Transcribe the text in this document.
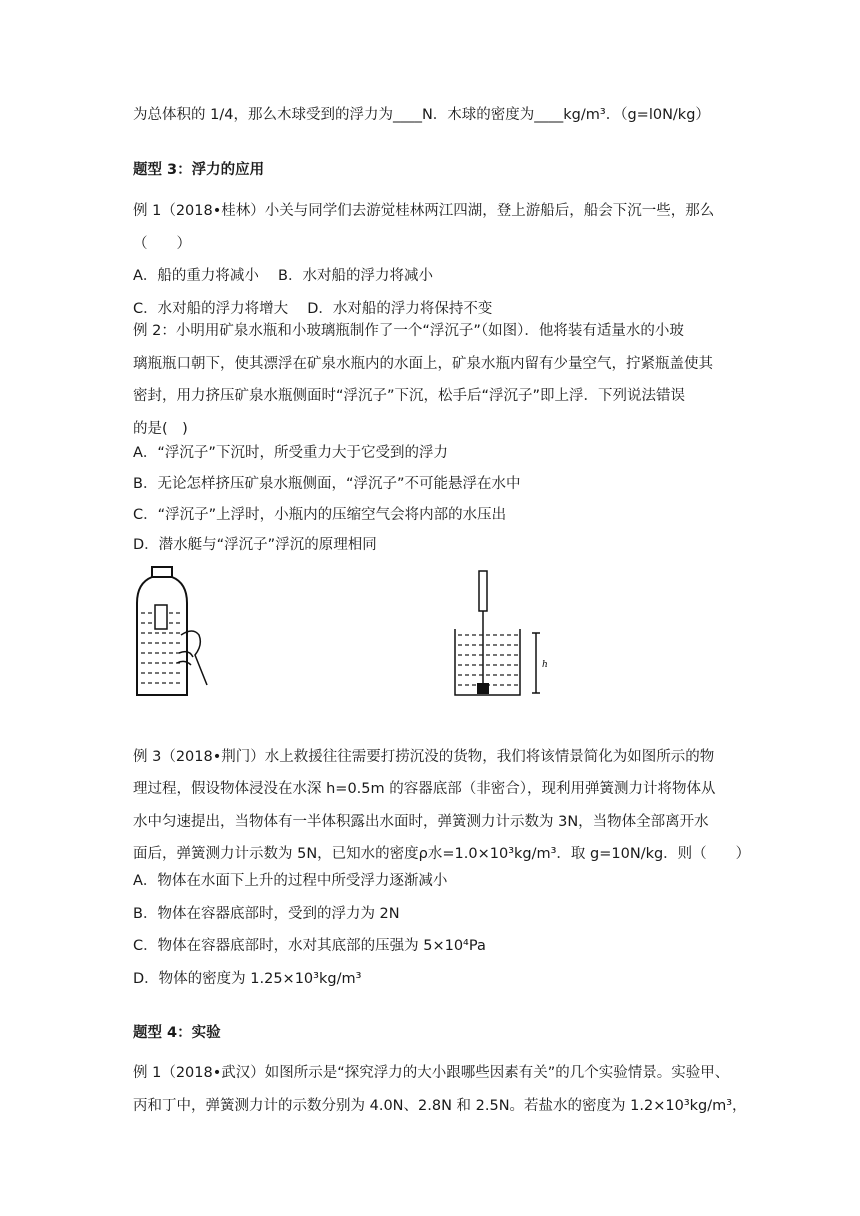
为总体积的 1/4，那么木球受到的浮力为____N．木球的密度为____kg/m³．（g=l0N/kg）
题型 3：浮力的应用
例 1（2018•桂林）小关与同学们去游觉桂林两江四湖，登上游船后，船会下沉一些，那么
（　　）
A．船的重力将减小　 B．水对船的浮力将减小
C．水对船的浮力将增大　 D．水对船的浮力将保持不变
例 2：小明用矿泉水瓶和小玻璃瓶制作了一个“浮沉子”（如图）．他将装有适量水的小玻
璃瓶瓶口朝下，使其漂浮在矿泉水瓶内的水面上，矿泉水瓶内留有少量空气，拧紧瓶盖使其
密封，用力挤压矿泉水瓶侧面时“浮沉子”下沉，松手后“浮沉子”即上浮．下列说法错误
的是(　)
A．“浮沉子”下沉时，所受重力大于它受到的浮力
B．无论怎样挤压矿泉水瓶侧面，“浮沉子”不可能悬浮在水中
C．“浮沉子”上浮时，小瓶内的压缩空气会将内部的水压出
D．潜水艇与“浮沉子”浮沉的原理相同
h
例 3（2018•荆门）水上救援往往需要打捞沉没的货物，我们将该情景简化为如图所示的物
理过程，假设物体浸没在水深 h=0.5m 的容器底部（非密合），现利用弹簧测力计将物体从
水中匀速提出，当物体有一半体积露出水面时，弹簧测力计示数为 3N，当物体全部离开水
面后，弹簧测力计示数为 5N，已知水的密度ρ水=1.0×10³kg/m³．取 g=10N/kg．则（　　）
A．物体在水面下上升的过程中所受浮力逐渐减小
B．物体在容器底部时，受到的浮力为 2N
C．物体在容器底部时，水对其底部的压强为 5×10⁴Pa
D．物体的密度为 1.25×10³kg/m³
题型 4：实验
例 1（2018•武汉）如图所示是“探究浮力的大小跟哪些因素有关”的几个实验情景。实验甲、
丙和丁中，弹簧测力计的示数分别为 4.0N、2.8N 和 2.5N。若盐水的密度为 1.2×10³kg/m³，
